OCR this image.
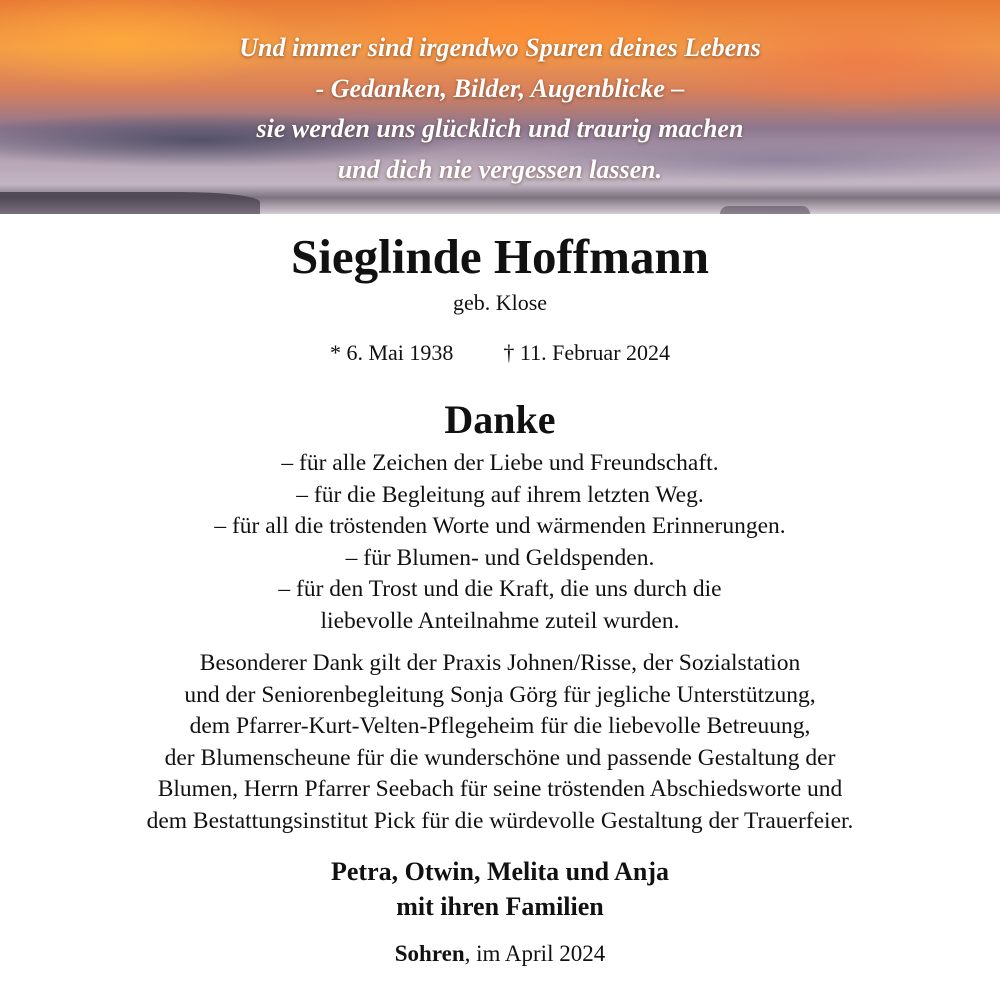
Und immer sind irgendwo Spuren deines Lebens
- Gedanken, Bilder, Augenblicke –
sie werden uns glücklich und traurig machen
und dich nie vergessen lassen.
Sieglinde Hoffmann
geb. Klose
* 6. Mai 1938 † 11. Februar 2024
Danke
– für alle Zeichen der Liebe und Freundschaft.
– für die Begleitung auf ihrem letzten Weg.
– für all die tröstenden Worte und wärmenden Erinnerungen.
– für Blumen- und Geldspenden.
– für den Trost und die Kraft, die uns durch die
liebevolle Anteilnahme zuteil wurden.
Besonderer Dank gilt der Praxis Johnen/Risse, der Sozialstation
und der Seniorenbegleitung Sonja Görg für jegliche Unterstützung,
dem Pfarrer-Kurt-Velten-Pflegeheim für die liebevolle Betreuung,
der Blumenscheune für die wunderschöne und passende Gestaltung der
Blumen, Herrn Pfarrer Seebach für seine tröstenden Abschiedsworte und
dem Bestattungsinstitut Pick für die würdevolle Gestaltung der Trauerfeier.
Petra, Otwin, Melita und Anja
mit ihren Familien
Sohren, im April 2024
